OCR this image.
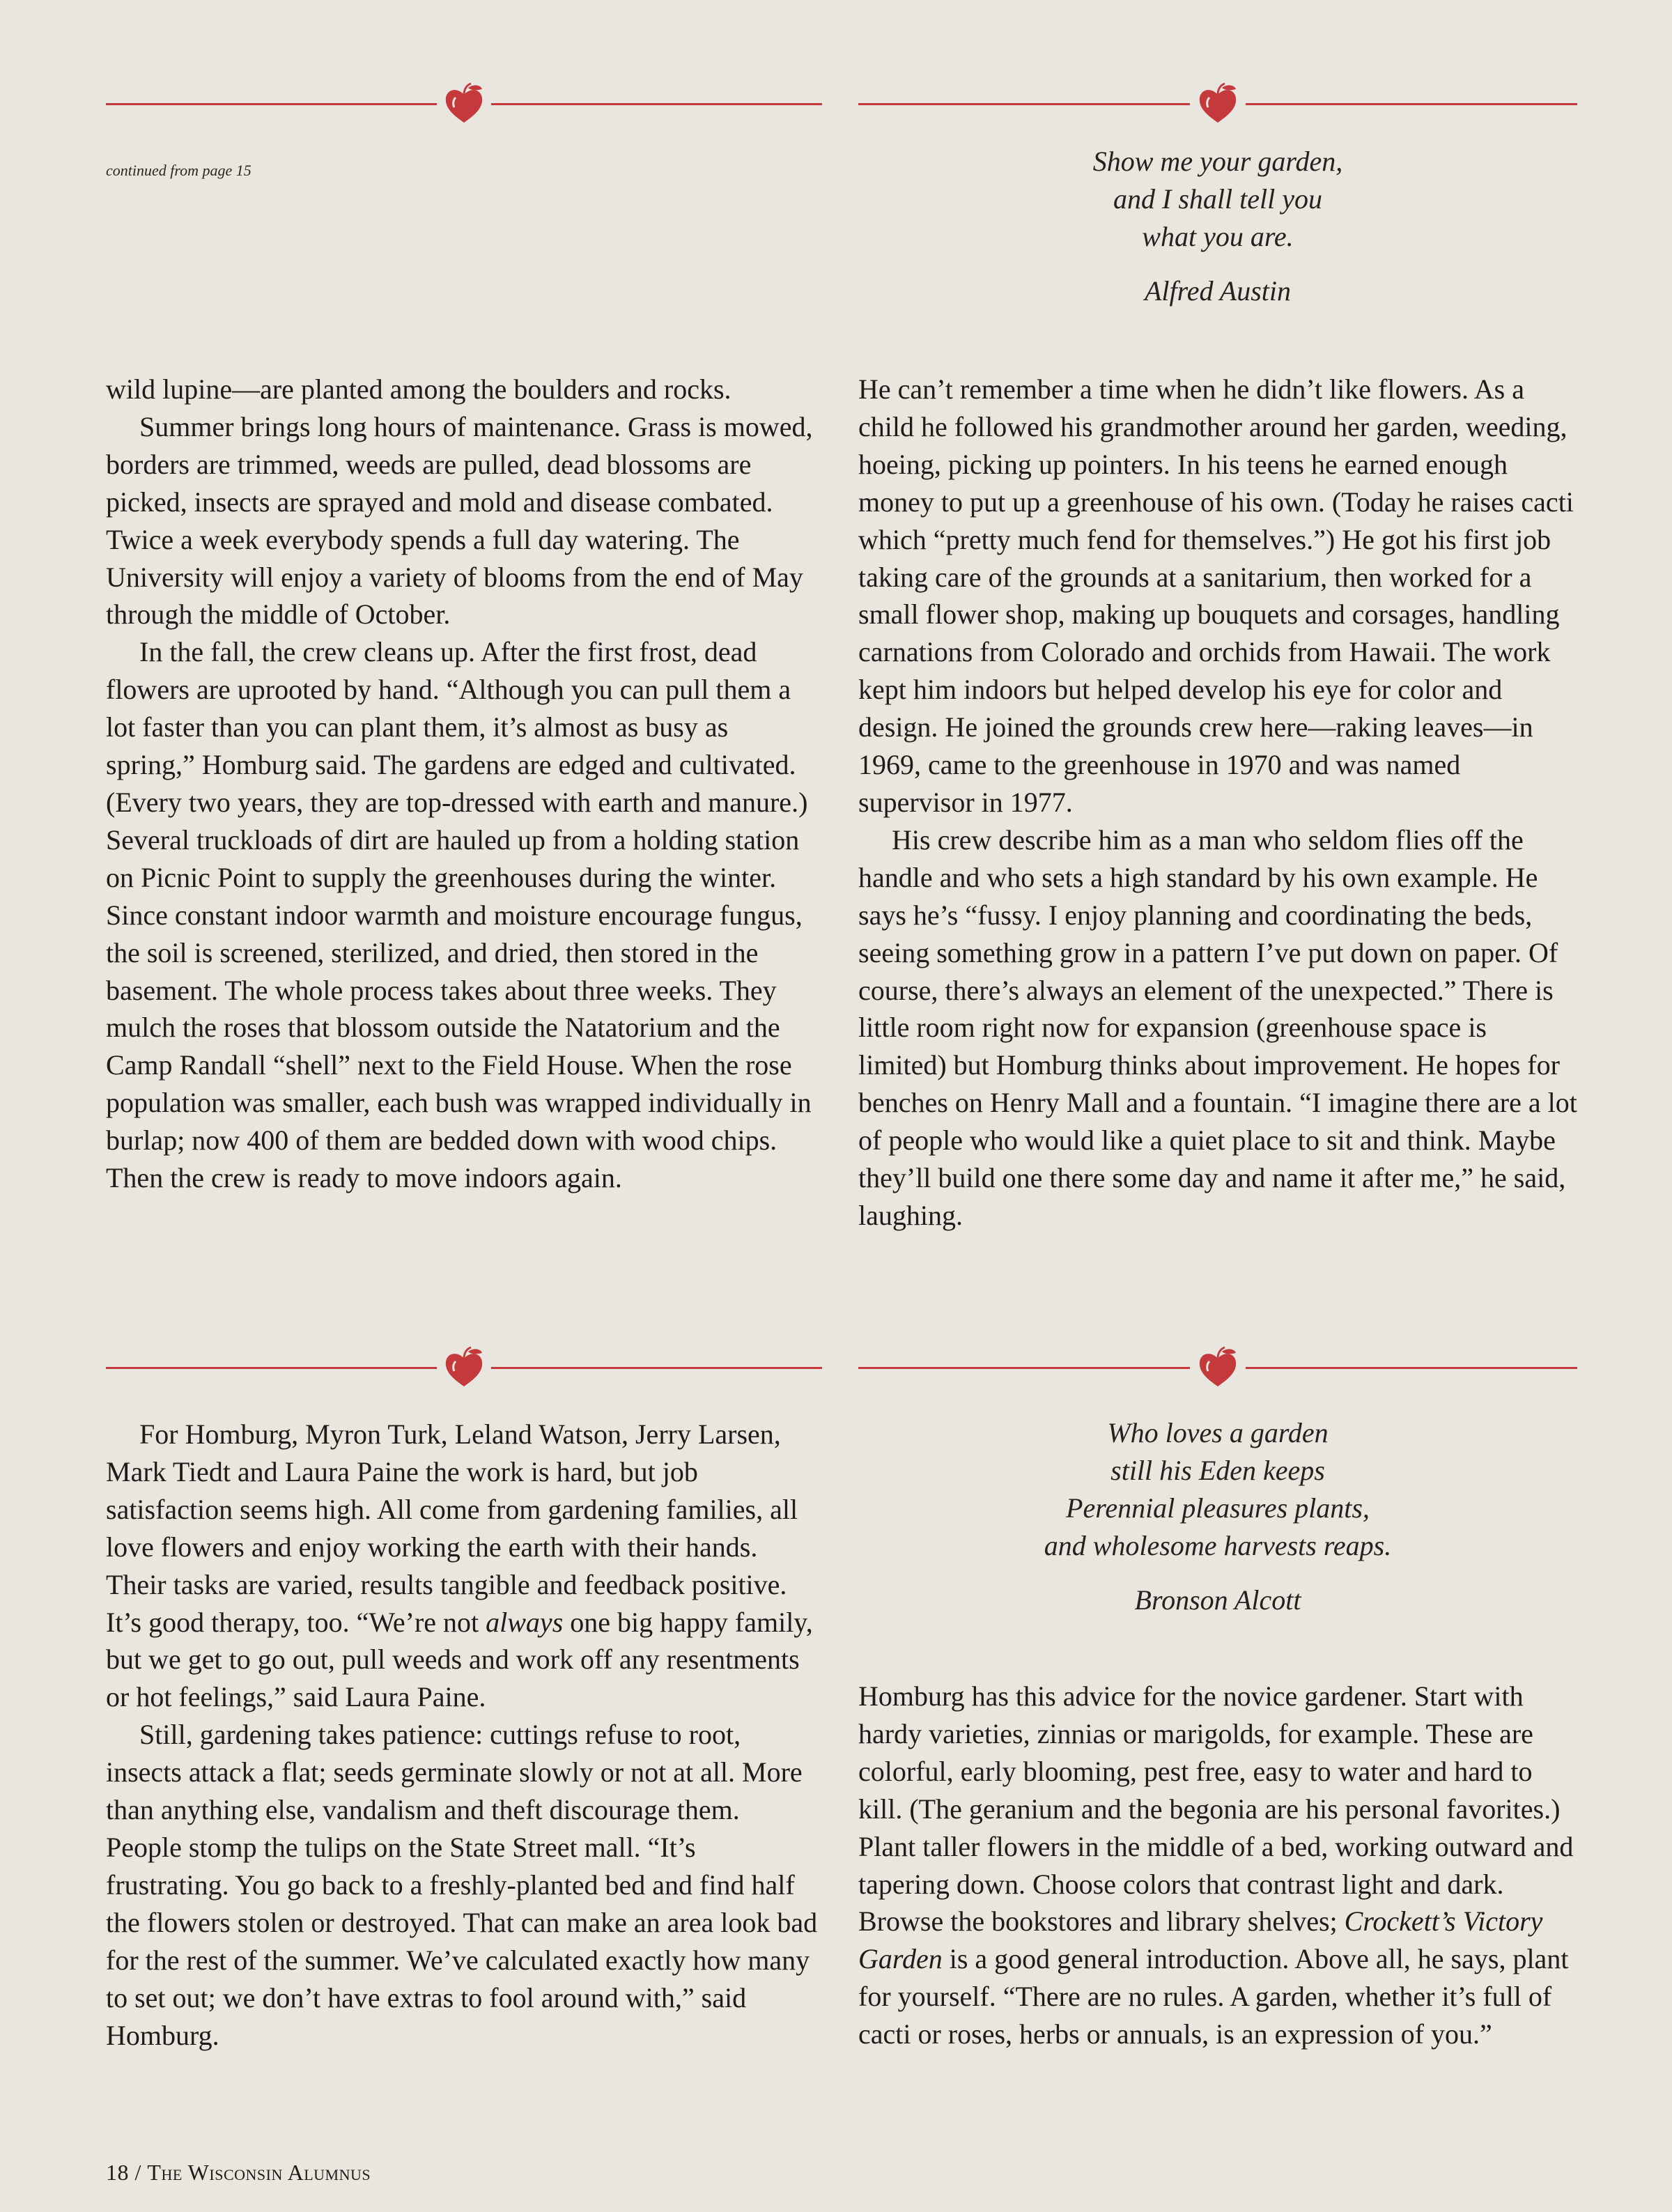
continued from page 15	Show me your garden,
and I shall tell you
what you are.
Alfred Austin

wild lupine—are planted among the boulders and rocks.

Summer brings long hours of maintenance. Grass is mowed, borders are trimmed, weeds are pulled, dead blossoms are picked, insects are sprayed and mold and disease combated. Twice a week everybody spends a full day watering. The University will enjoy a variety of blooms from the end of May through the middle of October.

In the fall, the crew cleans up. After the first frost, dead flowers are uprooted by hand. “Although you can pull them a lot faster than you can plant them, it’s almost as busy as spring,” Homburg said. The gardens are edged and cultivated. (Every two years, they are top-dressed with earth and manure.) Several truckloads of dirt are hauled up from a holding station on Picnic Point to supply the greenhouses during the winter. Since constant indoor warmth and moisture encourage fungus, the soil is screened, sterilized, and dried, then stored in the basement. The whole process takes about three weeks. They mulch the roses that blossom outside the Natatorium and the Camp Randall “shell” next to the Field House. When the rose population was smaller, each bush was wrapped individually in burlap; now 400 of them are bedded down with wood chips. Then the crew is ready to move indoors again.

He can’t remember a time when he didn’t like flowers. As a child he followed his grandmother around her garden, weeding, hoeing, picking up pointers. In his teens he earned enough money to put up a greenhouse of his own. (Today he raises cacti which “pretty much fend for themselves.”) He got his first job taking care of the grounds at a sanitarium, then worked for a small flower shop, making up bouquets and corsages, handling carnations from Colorado and orchids from Hawaii. The work kept him indoors but helped develop his eye for color and design. He joined the grounds crew here—raking leaves—in 1969, came to the greenhouse in 1970 and was named supervisor in 1977.

His crew describe him as a man who seldom flies off the handle and who sets a high standard by his own example. He says he’s “fussy. I enjoy planning and coordinating the beds, seeing something grow in a pattern I’ve put down on paper. Of course, there’s always an element of the unexpected.” There is little room right now for expansion (greenhouse space is limited) but Homburg thinks about improvement. He hopes for benches on Henry Mall and a fountain. “I imagine there are a lot of people who would like a quiet place to sit and think. Maybe they’ll build one there some day and name it after me,” he said, laughing.

For Homburg, Myron Turk, Leland Watson, Jerry Larsen, Mark Tiedt and Laura Paine the work is hard, but job satisfaction seems high. All come from gardening families, all love flowers and enjoy working the earth with their hands. Their tasks are varied, results tangible and feedback positive. It’s good therapy, too. “We’re not always one big happy family, but we get to go out, pull weeds and work off any resentments or hot feelings,” said Laura Paine.

Still, gardening takes patience: cuttings refuse to root, insects attack a flat; seeds germinate slowly or not at all. More than anything else, vandalism and theft discourage them. People stomp the tulips on the State Street mall. “It’s frustrating. You go back to a freshly-planted bed and find half the flowers stolen or destroyed. That can make an area look bad for the rest of the summer. We’ve calculated exactly how many to set out; we don’t have extras to fool around with,” said Homburg.

Who loves a garden
still his Eden keeps
Perennial pleasures plants,
and wholesome harvests reaps.
Bronson Alcott

Homburg has this advice for the novice gardener. Start with hardy varieties, zinnias or marigolds, for example. These are colorful, early blooming, pest free, easy to water and hard to kill. (The geranium and the begonia are his personal favorites.) Plant taller flowers in the middle of a bed, working outward and tapering down. Choose colors that contrast light and dark. Browse the bookstores and library shelves; Crockett’s Victory Garden is a good general introduction. Above all, he says, plant for yourself. “There are no rules. A garden, whether it’s full of cacti or roses, herbs or annuals, is an expression of you.”

18 / The Wisconsin Alumnus
